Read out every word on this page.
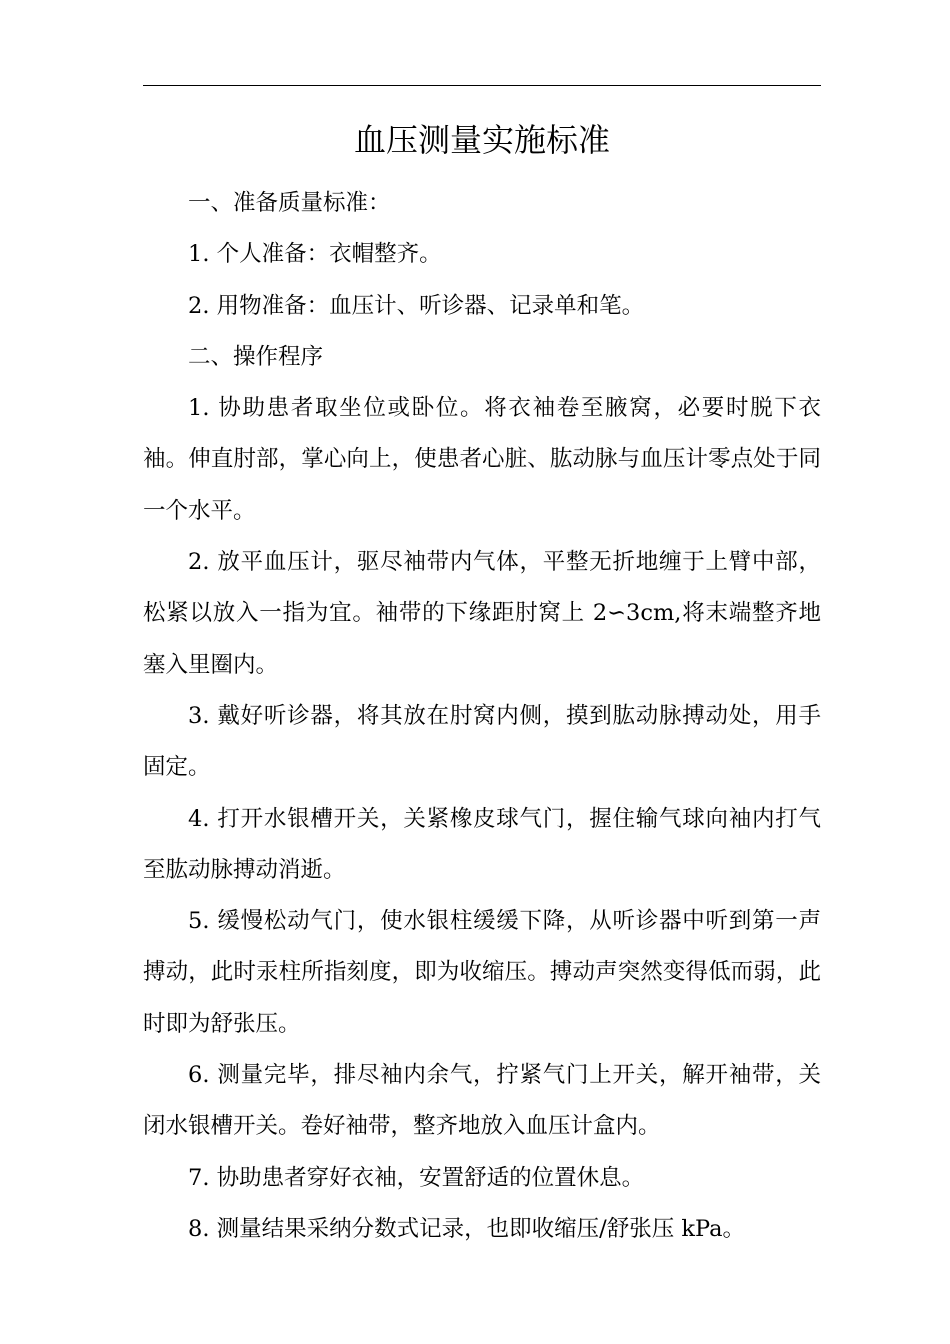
血压测量实施标准

一、准备质量标准：

1. 个人准备：衣帽整齐。

2. 用物准备：血压计、听诊器、记录单和笔。

二、操作程序

1. 协助患者取坐位或卧位。将衣袖卷至腋窝，必要时脱下衣袖。伸直肘部，掌心向上，使患者心脏、肱动脉与血压计零点处于同一个水平。

2. 放平血压计，驱尽袖带内气体，平整无折地缠于上臂中部，松紧以放入一指为宜。袖带的下缘距肘窝上 2∽3cm,将末端整齐地塞入里圈内。

3. 戴好听诊器，将其放在肘窝内侧，摸到肱动脉搏动处，用手固定。

4. 打开水银槽开关，关紧橡皮球气门，握住输气球向袖内打气至肱动脉搏动消逝。

5. 缓慢松动气门，使水银柱缓缓下降，从听诊器中听到第一声搏动，此时汞柱所指刻度，即为收缩压。搏动声突然变得低而弱，此时即为舒张压。

6. 测量完毕，排尽袖内余气，拧紧气门上开关，解开袖带，关闭水银槽开关。卷好袖带，整齐地放入血压计盒内。

7. 协助患者穿好衣袖，安置舒适的位置休息。

8. 测量结果采纳分数式记录，也即收缩压/舒张压 kPa。
